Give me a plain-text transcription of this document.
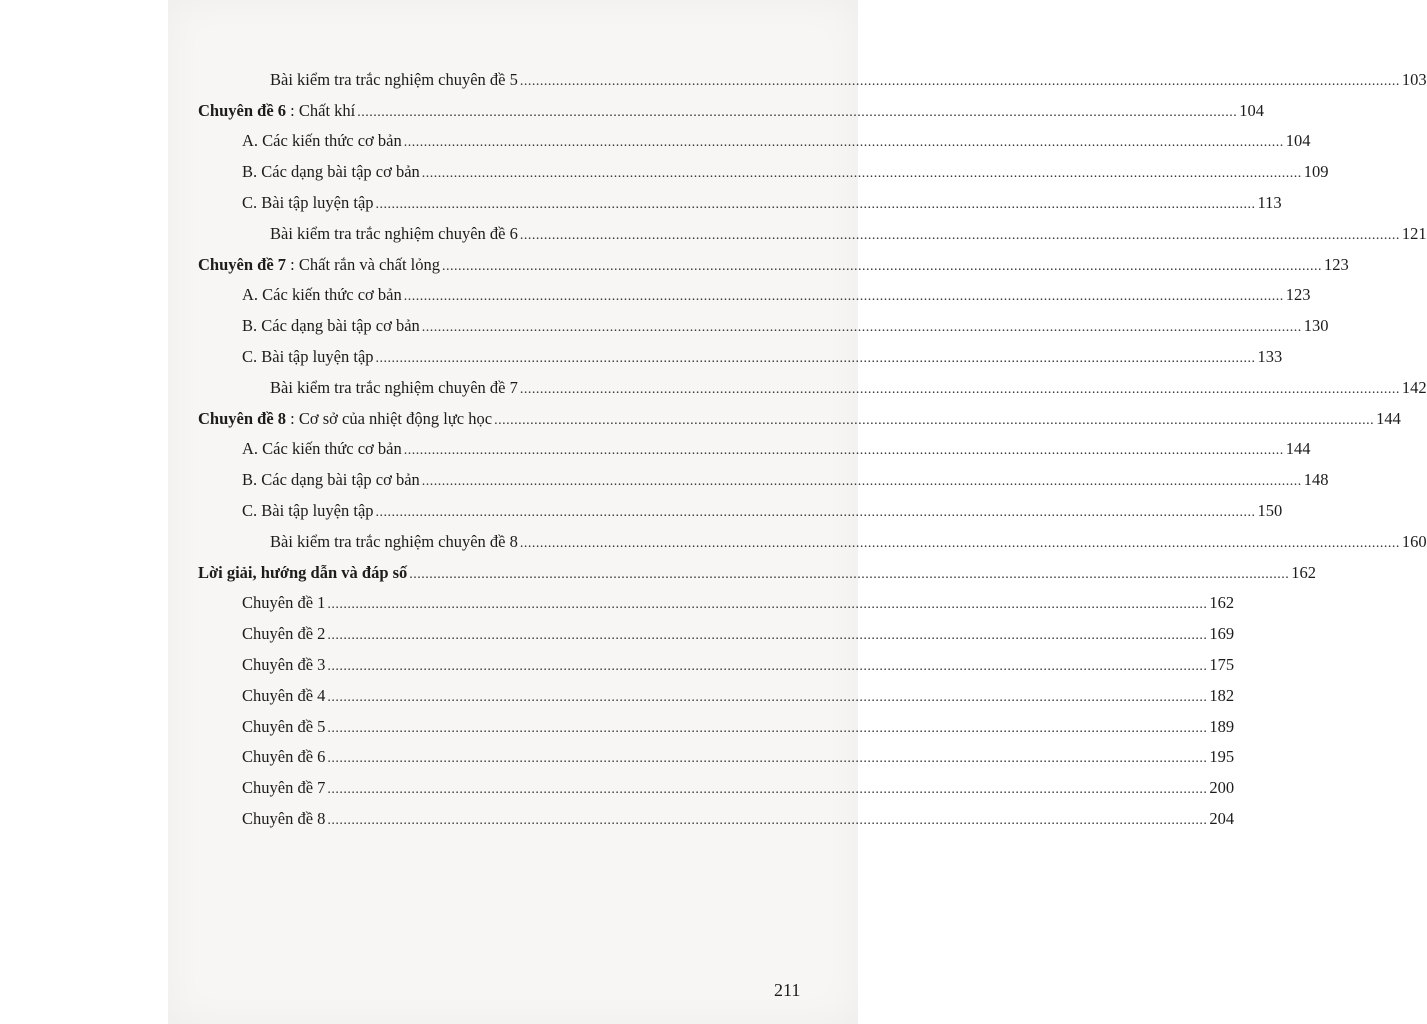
Bài kiểm tra trắc nghiệm chuyên đề 5 ............................................................................................................................................................................................................................ 103
Chuyên đề 6 : Chất khí ............................................................................................................................................................................................................................ 104
A. Các kiến thức cơ bản ............................................................................................................................................................................................................................ 104
B. Các dạng bài tập cơ bản ............................................................................................................................................................................................................................ 109
C. Bài tập luyện tập ............................................................................................................................................................................................................................ 113
Bài kiểm tra trắc nghiệm chuyên đề 6 ............................................................................................................................................................................................................................ 121
Chuyên đề 7 : Chất rắn và chất lỏng ............................................................................................................................................................................................................................ 123
A. Các kiến thức cơ bản ............................................................................................................................................................................................................................ 123
B. Các dạng bài tập cơ bản ............................................................................................................................................................................................................................ 130
C. Bài tập luyện tập ............................................................................................................................................................................................................................ 133
Bài kiểm tra trắc nghiệm chuyên đề 7 ............................................................................................................................................................................................................................ 142
Chuyên đề 8 : Cơ sở của nhiệt động lực học ............................................................................................................................................................................................................................ 144
A. Các kiến thức cơ bản ............................................................................................................................................................................................................................ 144
B. Các dạng bài tập cơ bản ............................................................................................................................................................................................................................ 148
C. Bài tập luyện tập ............................................................................................................................................................................................................................ 150
Bài kiểm tra trắc nghiệm chuyên đề 8 ............................................................................................................................................................................................................................ 160
Lời giải, hướng dẫn và đáp số ............................................................................................................................................................................................................................ 162
Chuyên đề 1 ............................................................................................................................................................................................................................ 162
Chuyên đề 2 ............................................................................................................................................................................................................................ 169
Chuyên đề 3 ............................................................................................................................................................................................................................ 175
Chuyên đề 4 ............................................................................................................................................................................................................................ 182
Chuyên đề 5 ............................................................................................................................................................................................................................ 189
Chuyên đề 6 ............................................................................................................................................................................................................................ 195
Chuyên đề 7 ............................................................................................................................................................................................................................ 200
Chuyên đề 8 ............................................................................................................................................................................................................................ 204
211
